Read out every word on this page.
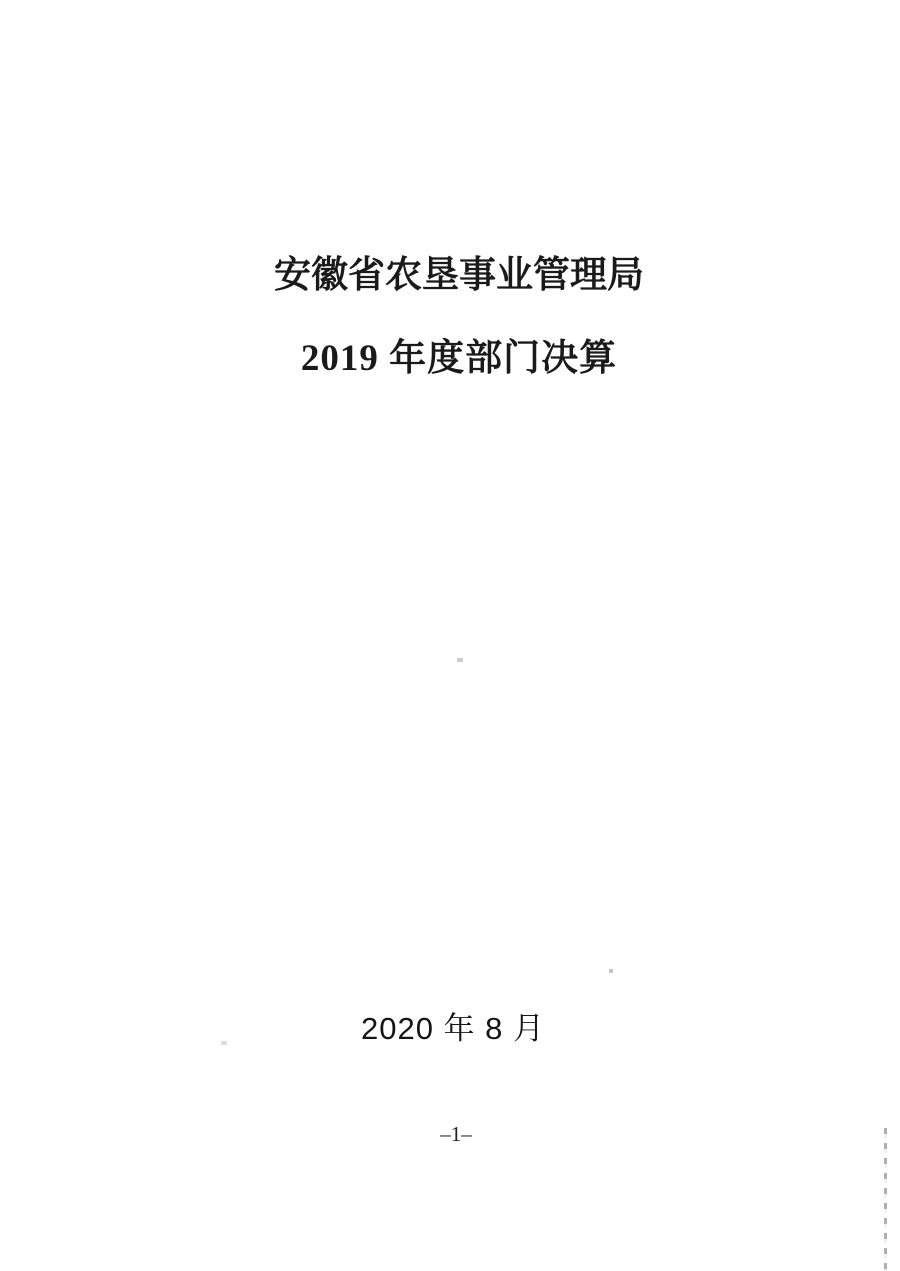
安徽省农垦事业管理局
2019 年度部门决算

2020 年 8 月

–1–
